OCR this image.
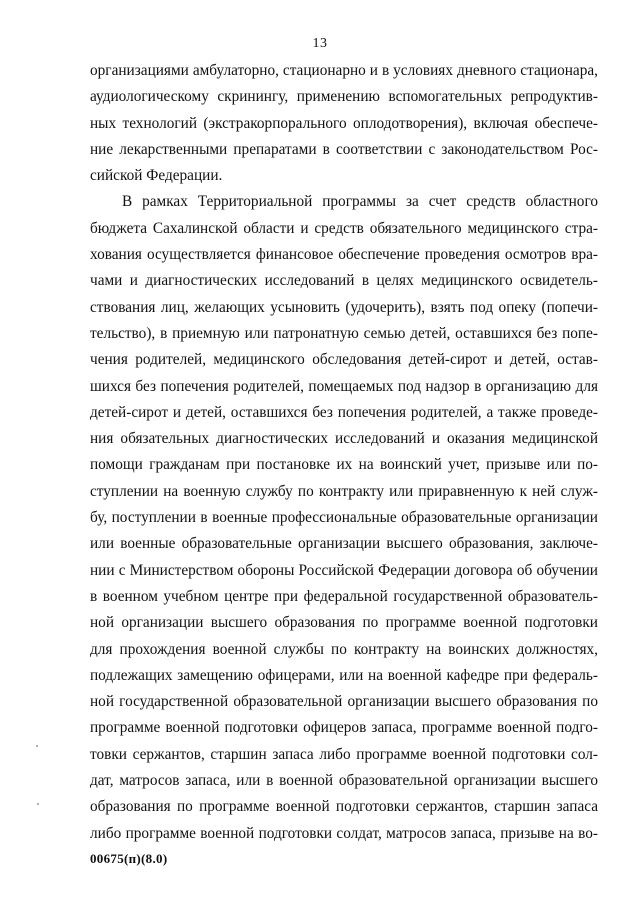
13
организациями амбулаторно, стационарно и в условиях дневного стационара,
аудиологическому скринингу, применению вспомогательных репродуктив-
ных технологий (экстракорпорального оплодотворения), включая обеспече-
ние лекарственными препаратами в соответствии с законодательством Рос-
сийской Федерации.
В рамках Территориальной программы за счет средств областного
бюджета Сахалинской области и средств обязательного медицинского стра-
хования осуществляется финансовое обеспечение проведения осмотров вра-
чами и диагностических исследований в целях медицинского освидетель-
ствования лиц, желающих усыновить (удочерить), взять под опеку (попечи-
тельство), в приемную или патронатную семью детей, оставшихся без попе-
чения родителей, медицинского обследования детей-сирот и детей, остав-
шихся без попечения родителей, помещаемых под надзор в организацию для
детей-сирот и детей, оставшихся без попечения родителей, а также проведе-
ния обязательных диагностических исследований и оказания медицинской
помощи гражданам при постановке их на воинский учет, призыве или по-
ступлении на военную службу по контракту или приравненную к ней служ-
бу, поступлении в военные профессиональные образовательные организации
или военные образовательные организации высшего образования, заключе-
нии с Министерством обороны Российской Федерации договора об обучении
в военном учебном центре при федеральной государственной образователь-
ной организации высшего образования по программе военной подготовки
для прохождения военной службы по контракту на воинских должностях,
подлежащих замещению офицерами, или на военной кафедре при федераль-
ной государственной образовательной организации высшего образования по
программе военной подготовки офицеров запаса, программе военной подго-
товки сержантов, старшин запаса либо программе военной подготовки сол-
дат, матросов запаса, или в военной образовательной организации высшего
образования по программе военной подготовки сержантов, старшин запаса
либо программе военной подготовки солдат, матросов запаса, призыве на во-
00675(п)(8.0)
